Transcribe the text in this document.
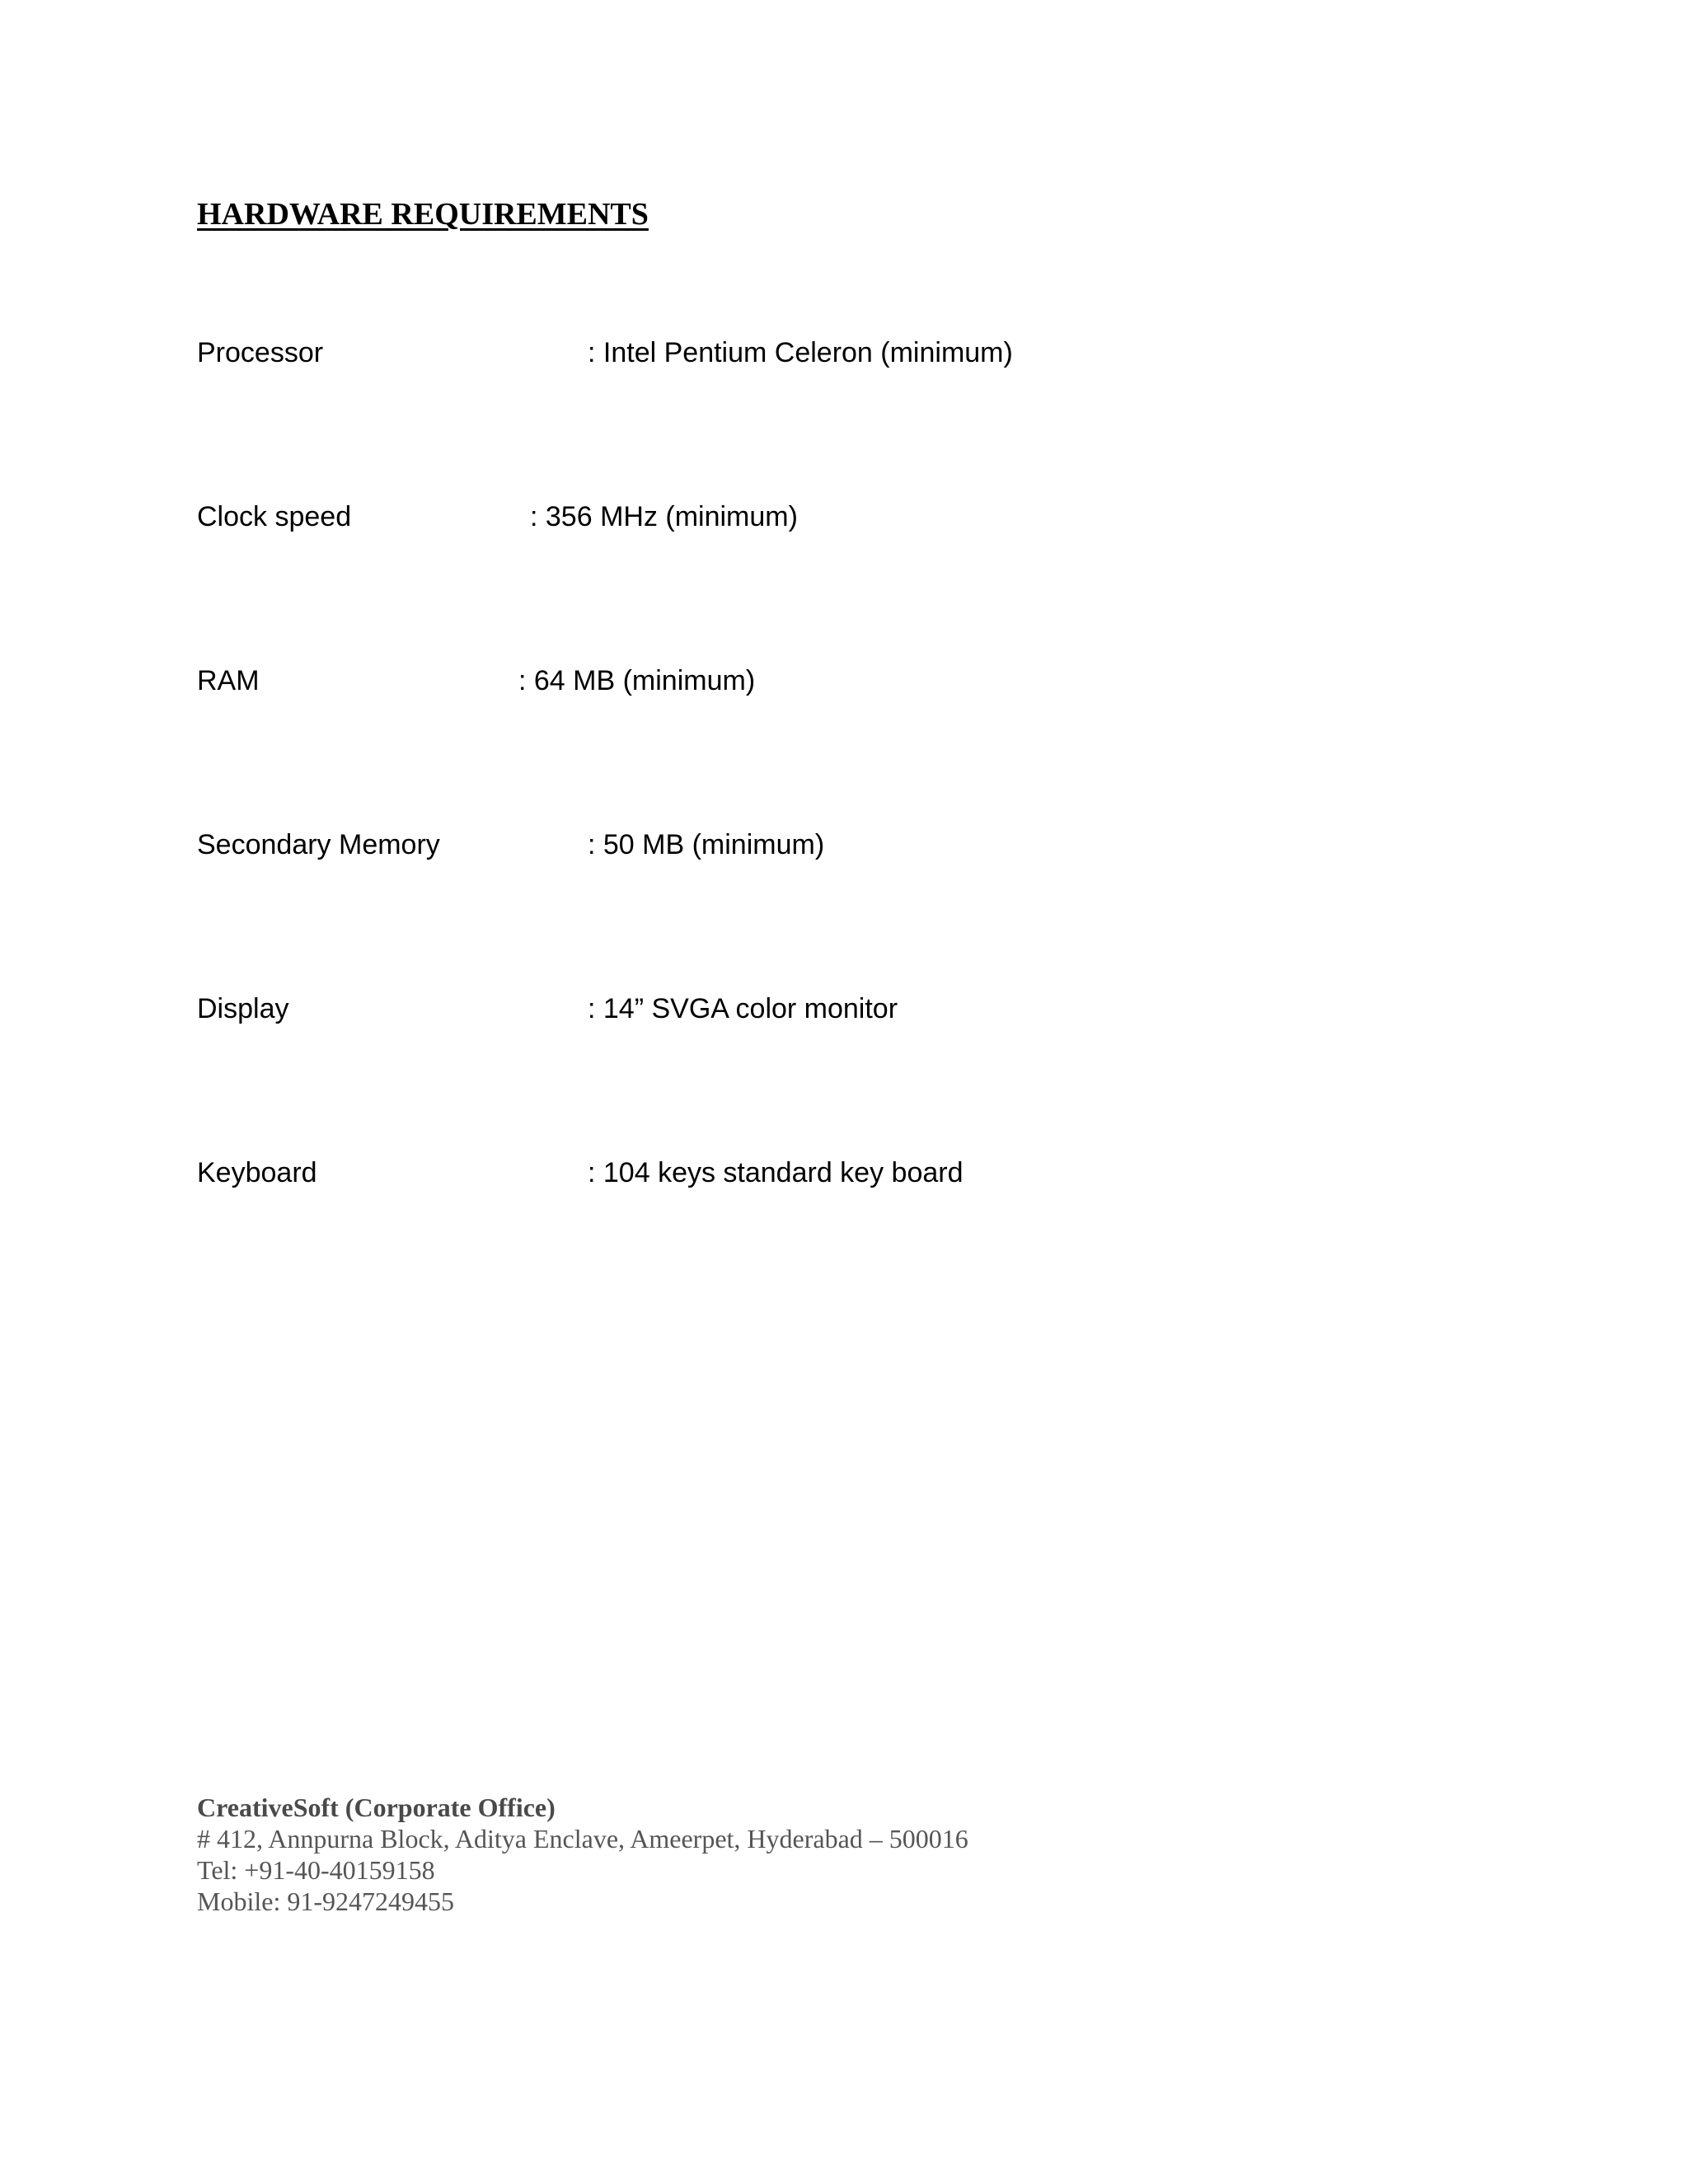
HARDWARE REQUIREMENTS
Processor	: Intel Pentium Celeron (minimum)
Clock speed	: 356 MHz (minimum)
RAM	: 64 MB (minimum)
Secondary Memory	: 50 MB (minimum)
Display	: 14” SVGA color monitor
Keyboard	: 104 keys standard key board
CreativeSoft (Corporate Office)
# 412, Annpurna Block, Aditya Enclave, Ameerpet, Hyderabad – 500016
Tel: +91-40-40159158
Mobile: 91-9247249455
